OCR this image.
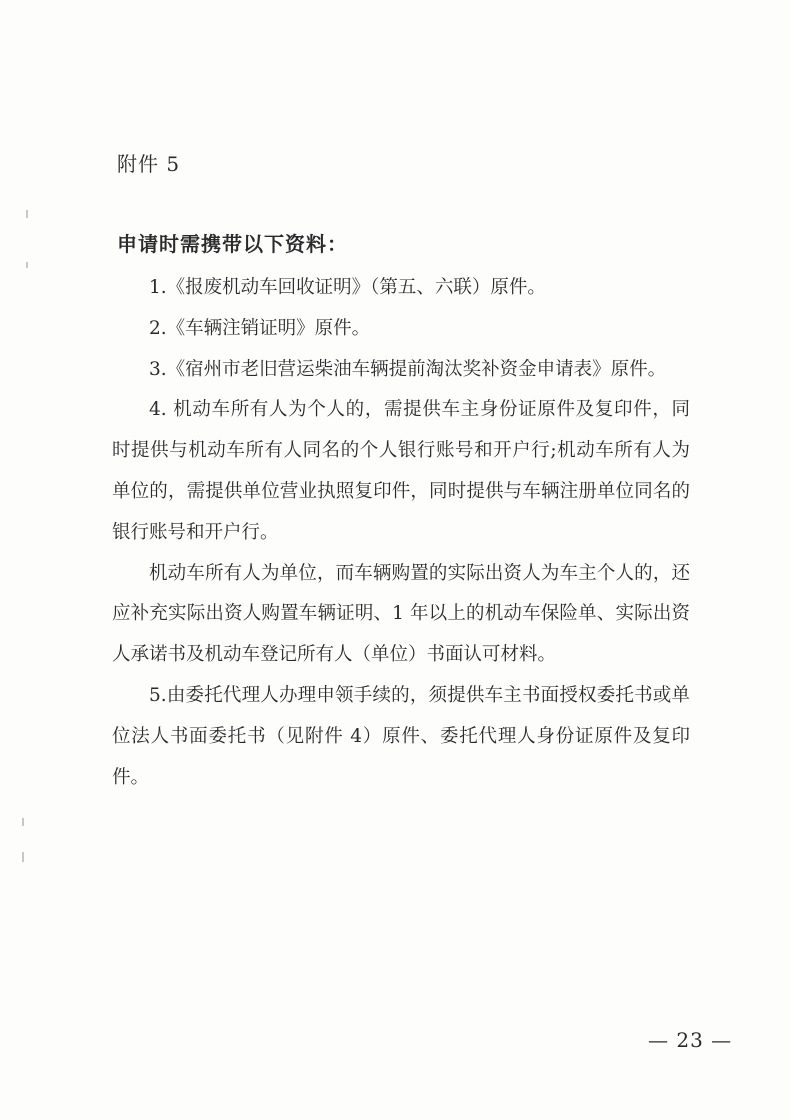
附件 5
申请时需携带以下资料：

1.《报废机动车回收证明》（第五、六联）原件。

2.《车辆注销证明》原件。

3.《宿州市老旧营运柴油车辆提前淘汰奖补资金申请表》原件。

4. 机动车所有人为个人的，需提供车主身份证原件及复印件，同时提供与机动车所有人同名的个人银行账号和开户行;机动车所有人为单位的，需提供单位营业执照复印件，同时提供与车辆注册单位同名的银行账号和开户行。

机动车所有人为单位，而车辆购置的实际出资人为车主个人的，还应补充实际出资人购置车辆证明、1 年以上的机动车保险单、实际出资人承诺书及机动车登记所有人（单位）书面认可材料。

5.由委托代理人办理申领手续的，须提供车主书面授权委托书或单位法人书面委托书（见附件 4）原件、委托代理人身份证原件及复印件。

— 23 —
